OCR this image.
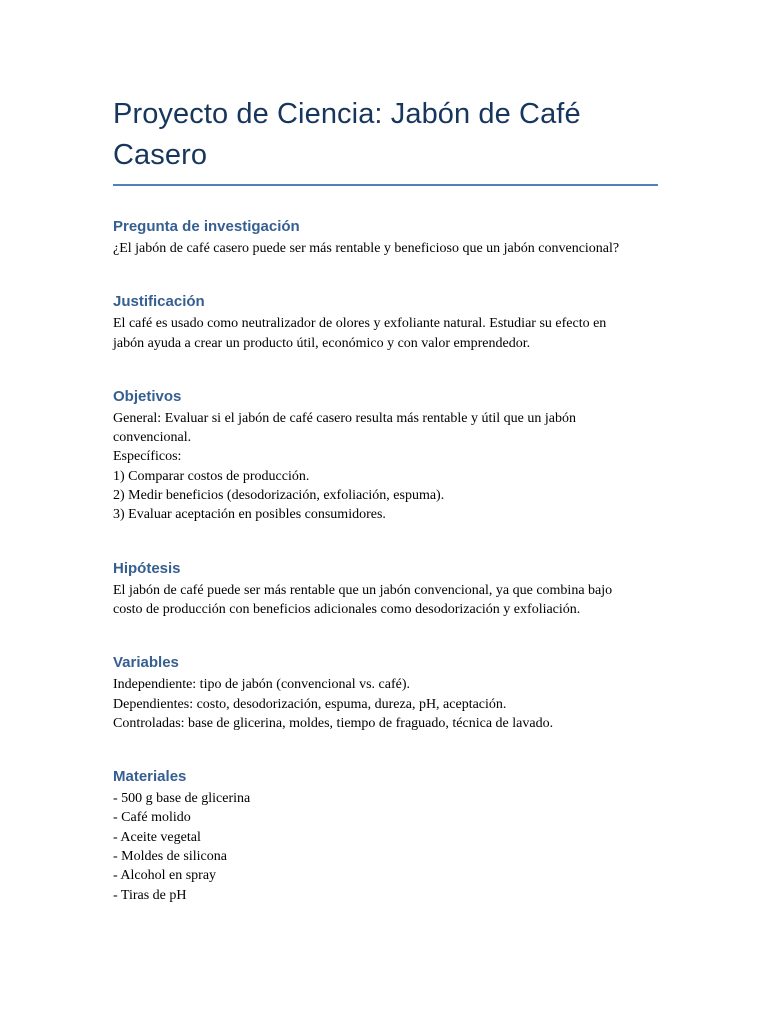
Proyecto de Ciencia: Jabón de Café
Casero
Pregunta de investigación

¿El jabón de café casero puede ser más rentable y beneficioso que un jabón convencional?

Justificación

El café es usado como neutralizador de olores y exfoliante natural. Estudiar su efecto en
jabón ayuda a crear un producto útil, económico y con valor emprendedor.

Objetivos

General: Evaluar si el jabón de café casero resulta más rentable y útil que un jabón
convencional.
Específicos:
1) Comparar costos de producción.
2) Medir beneficios (desodorización, exfoliación, espuma).
3) Evaluar aceptación en posibles consumidores.

Hipótesis

El jabón de café puede ser más rentable que un jabón convencional, ya que combina bajo
costo de producción con beneficios adicionales como desodorización y exfoliación.

Variables

Independiente: tipo de jabón (convencional vs. café).
Dependientes: costo, desodorización, espuma, dureza, pH, aceptación.
Controladas: base de glicerina, moldes, tiempo de fraguado, técnica de lavado.

Materiales

- 500 g base de glicerina
- Café molido
- Aceite vegetal
- Moldes de silicona
- Alcohol en spray
- Tiras de pH
